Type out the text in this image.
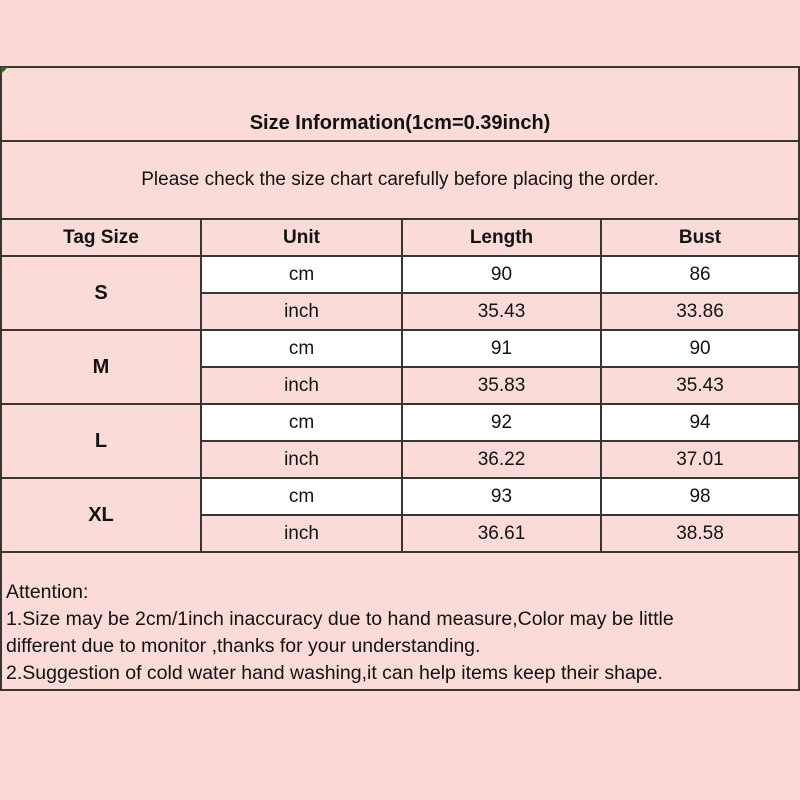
Size Information(1cm=0.39inch)			
Please check the size chart carefully before placing the order.			
Tag Size	Unit	Length	Bust
S	cm	90	86
	inch	35.43	33.86
M	cm	91	90
	inch	35.83	35.43
L	cm	92	94
	inch	36.22	37.01
XL	cm	93	98
	inch	36.61	38.58

Attention:
1.Size may be 2cm/1inch inaccuracy due to hand measure,Color may be little
different due to monitor ,thanks for your understanding.
2.Suggestion of cold water hand washing,it can help items keep their shape.			
